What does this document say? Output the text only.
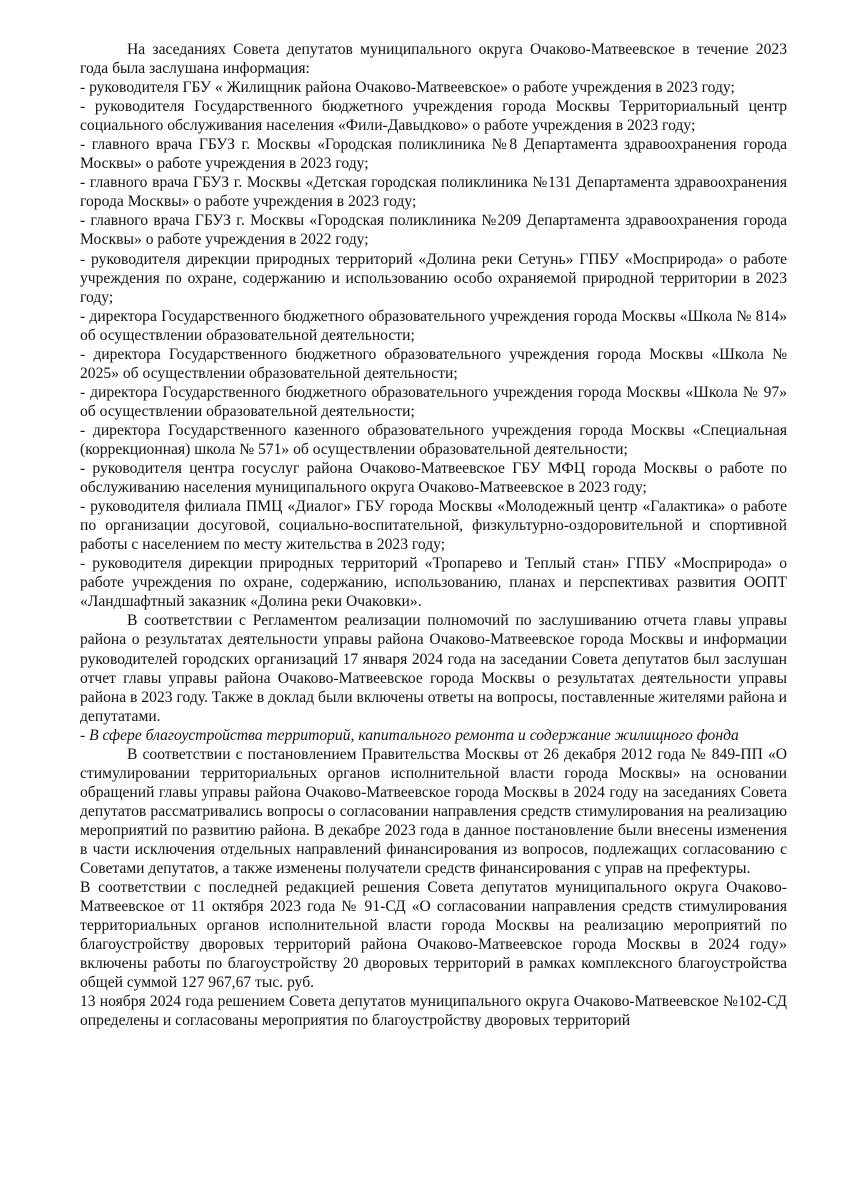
На заседаниях Совета депутатов муниципального округа Очаково-Матвеевское в течение 2023 года была заслушана информация:

- руководителя ГБУ « Жилищник района Очаково-Матвеевское» о работе учреждения в 2023 году;

- руководителя Государственного бюджетного учреждения города Москвы Территориальный центр социального обслуживания населения «Фили-Давыдково» о работе учреждения в 2023 году;

- главного врача ГБУЗ г. Москвы «Городская поликлиника №8 Департамента здравоохранения города Москвы» о работе учреждения в 2023 году;

- главного врача ГБУЗ г. Москвы «Детская городская поликлиника №131 Департамента здравоохранения города Москвы» о работе учреждения в 2023 году;

- главного врача ГБУЗ г. Москвы «Городская поликлиника №209 Департамента здравоохранения города Москвы» о работе учреждения в 2022 году;

- руководителя дирекции природных территорий «Долина реки Сетунь» ГПБУ «Мосприрода» о работе учреждения по охране, содержанию и использованию особо охраняемой природной территории в 2023 году;

- директора Государственного бюджетного образовательного учреждения города Москвы «Школа № 814» об осуществлении образовательной деятельности;

- директора Государственного бюджетного образовательного учреждения города Москвы «Школа № 2025» об осуществлении образовательной деятельности;

- директора Государственного бюджетного образовательного учреждения города Москвы «Школа № 97» об осуществлении образовательной деятельности;

- директора Государственного казенного образовательного учреждения города Москвы «Специальная (коррекционная) школа № 571» об осуществлении образовательной деятельности;

- руководителя центра госуслуг района Очаково-Матвеевское ГБУ МФЦ города Москвы о работе по обслуживанию населения муниципального округа Очаково-Матвеевское в 2023 году;

- руководителя филиала ПМЦ «Диалог» ГБУ города Москвы «Молодежный центр «Галактика» о работе по организации досуговой, социально-воспитательной, физкультурно-оздоровительной и спортивной работы с населением по месту жительства в 2023 году;

- руководителя дирекции природных территорий «Тропарево и Теплый стан» ГПБУ «Мосприрода» о работе учреждения по охране, содержанию, использованию, планах и перспективах развития ООПТ «Ландшафтный заказник «Долина реки Очаковки».

В соответствии с Регламентом реализации полномочий по заслушиванию отчета главы управы района о результатах деятельности управы района Очаково-Матвеевское города Москвы и информации руководителей городских организаций 17 января 2024 года на заседании Совета депутатов был заслушан отчет главы управы района Очаково-Матвеевское города Москвы о результатах деятельности управы района в 2023 году. Также в доклад были включены ответы на вопросы, поставленные жителями района и депутатами.

- В сфере благоустройства территорий, капитального ремонта и содержание жилищного фонда

В соответствии с постановлением Правительства Москвы от 26 декабря 2012 года № 849-ПП «О стимулировании территориальных органов исполнительной власти города Москвы» на основании обращений главы управы района Очаково-Матвеевское города Москвы в 2024 году на заседаниях Совета депутатов рассматривались вопросы о согласовании направления средств стимулирования на реализацию мероприятий по развитию района. В декабре 2023 года в данное постановление были внесены изменения в части исключения отдельных направлений финансирования из вопросов, подлежащих согласованию с Советами депутатов, а также изменены получатели средств финансирования с управ на префектуры.

В соответствии с последней редакцией решения Совета депутатов муниципального округа Очаково-Матвеевское от 11 октября 2023 года № 91-СД «О согласовании направления средств стимулирования территориальных органов исполнительной власти города Москвы на реализацию мероприятий по благоустройству дворовых территорий района Очаково-Матвеевское города Москвы в 2024 году» включены работы по благоустройству 20 дворовых территорий в рамках комплексного благоустройства общей суммой 127 967,67 тыс. руб.

13 ноября 2024 года решением Совета депутатов муниципального округа Очаково-Матвеевское №102-СД определены и согласованы мероприятия по благоустройству дворовых территорий
